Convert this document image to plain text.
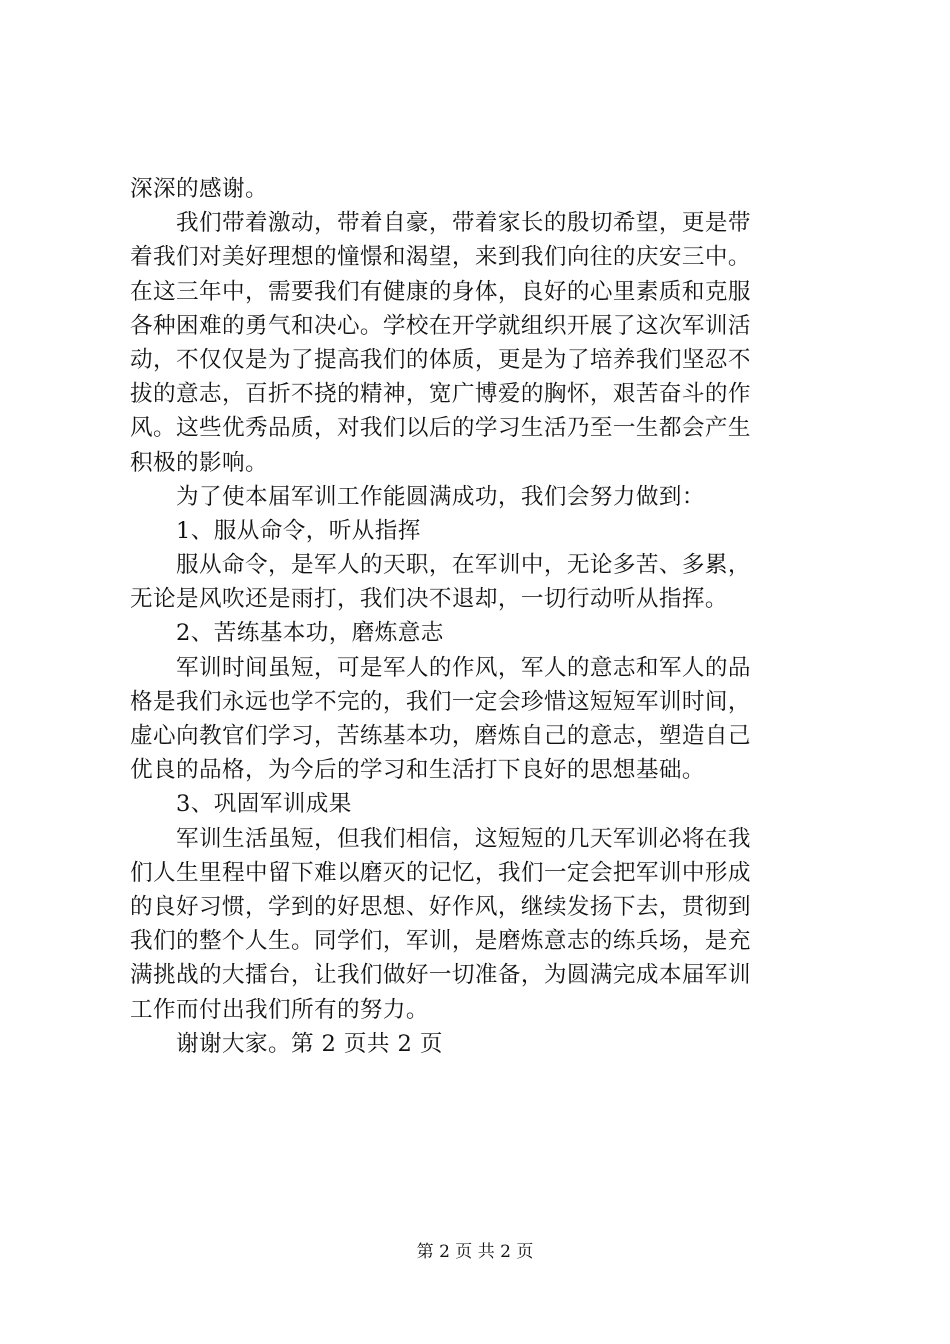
深深的感谢。
我们带着激动，带着自豪，带着家长的殷切希望，更是带
着我们对美好理想的憧憬和渴望，来到我们向往的庆安三中。
在这三年中，需要我们有健康的身体，良好的心里素质和克服
各种困难的勇气和决心。学校在开学就组织开展了这次军训活
动，不仅仅是为了提高我们的体质，更是为了培养我们坚忍不
拔的意志，百折不挠的精神，宽广博爱的胸怀，艰苦奋斗的作
风。这些优秀品质，对我们以后的学习生活乃至一生都会产生
积极的影响。
为了使本届军训工作能圆满成功，我们会努力做到：
1、服从命令，听从指挥
服从命令，是军人的天职，在军训中，无论多苦、多累，
无论是风吹还是雨打，我们决不退却，一切行动听从指挥。
2、苦练基本功，磨炼意志
军训时间虽短，可是军人的作风，军人的意志和军人的品
格是我们永远也学不完的，我们一定会珍惜这短短军训时间，
虚心向教官们学习，苦练基本功，磨炼自己的意志，塑造自己
优良的品格，为今后的学习和生活打下良好的思想基础。
3、巩固军训成果
军训生活虽短，但我们相信，这短短的几天军训必将在我
们人生里程中留下难以磨灭的记忆，我们一定会把军训中形成
的良好习惯，学到的好思想、好作风，继续发扬下去，贯彻到
我们的整个人生。同学们，军训，是磨炼意志的练兵场，是充
满挑战的大擂台，让我们做好一切准备，为圆满完成本届军训
工作而付出我们所有的努力。
谢谢大家。第 2 页共 2 页
第 2 页 共 2 页
